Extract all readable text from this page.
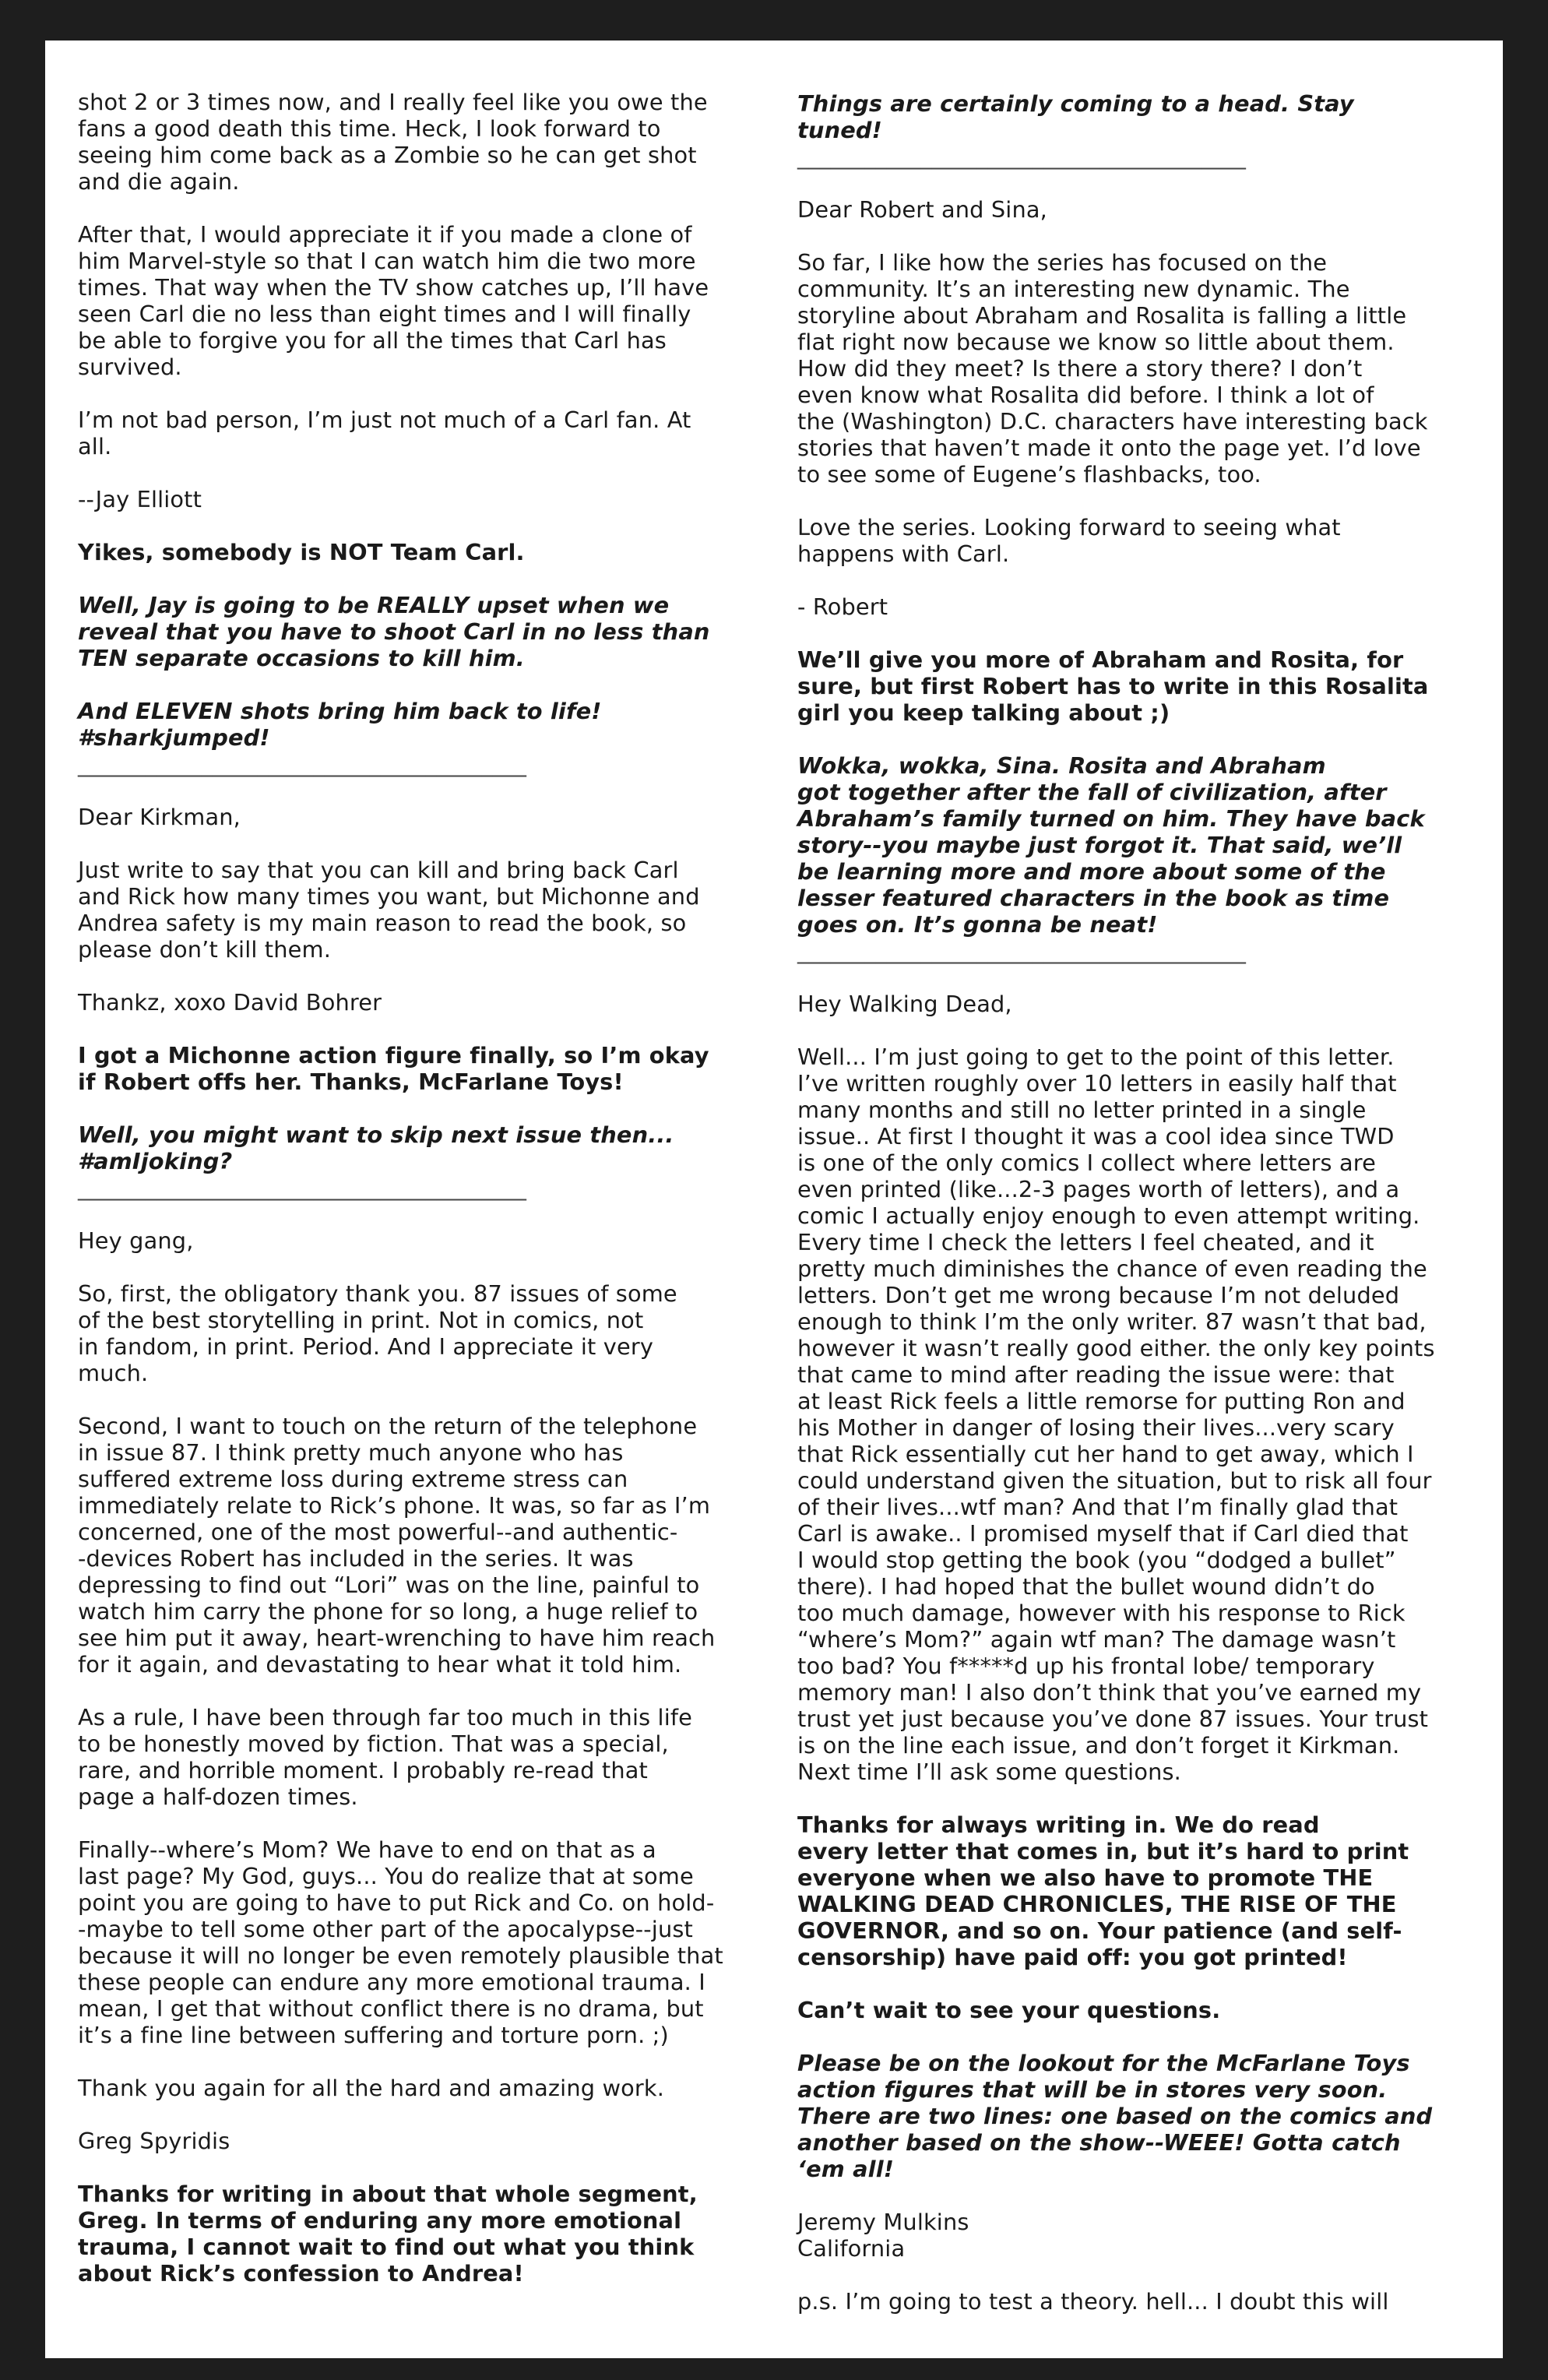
shot 2 or 3 times now, and I really feel like you owe the
fans a good death this time. Heck, I look forward to
seeing him come back as a Zombie so he can get shot
and die again.

After that, I would appreciate it if you made a clone of
him Marvel-style so that I can watch him die two more
times. That way when the TV show catches up, I’ll have
seen Carl die no less than eight times and I will finally
be able to forgive you for all the times that Carl has
survived.

I’m not bad person, I’m just not much of a Carl fan. At
all.

--Jay Elliott

Yikes, somebody is NOT Team Carl.

Well, Jay is going to be REALLY upset when we
reveal that you have to shoot Carl in no less than
TEN separate occasions to kill him.

And ELEVEN shots bring him back to life!
#sharkjumped!

________________________________________

Dear Kirkman,

Just write to say that you can kill and bring back Carl
and Rick how many times you want, but Michonne and
Andrea safety is my main reason to read the book, so
please don’t kill them.

Thankz, xoxo David Bohrer

I got a Michonne action figure finally, so I’m okay
if Robert offs her. Thanks, McFarlane Toys!

Well, you might want to skip next issue then...
#amIjoking?

________________________________________

Hey gang,

So, first, the obligatory thank you. 87 issues of some
of the best storytelling in print. Not in comics, not
in fandom, in print. Period. And I appreciate it very
much.

Second, I want to touch on the return of the telephone
in issue 87. I think pretty much anyone who has
suffered extreme loss during extreme stress can
immediately relate to Rick’s phone. It was, so far as I’m
concerned, one of the most powerful--and authentic-
-devices Robert has included in the series. It was
depressing to find out “Lori” was on the line, painful to
watch him carry the phone for so long, a huge relief to
see him put it away, heart-wrenching to have him reach
for it again, and devastating to hear what it told him.

As a rule, I have been through far too much in this life
to be honestly moved by fiction. That was a special,
rare, and horrible moment. I probably re-read that
page a half-dozen times.

Finally--where’s Mom? We have to end on that as a
last page? My God, guys... You do realize that at some
point you are going to have to put Rick and Co. on hold-
-maybe to tell some other part of the apocalypse--just
because it will no longer be even remotely plausible that
these people can endure any more emotional trauma. I
mean, I get that without conflict there is no drama, but
it’s a fine line between suffering and torture porn. ;)

Thank you again for all the hard and amazing work.

Greg Spyridis

Thanks for writing in about that whole segment,
Greg. In terms of enduring any more emotional
trauma, I cannot wait to find out what you think
about Rick’s confession to Andrea!

Things are certainly coming to a head. Stay
tuned!

________________________________________

Dear Robert and Sina,

So far, I like how the series has focused on the
community. It’s an interesting new dynamic. The
storyline about Abraham and Rosalita is falling a little
flat right now because we know so little about them.
How did they meet? Is there a story there? I don’t
even know what Rosalita did before. I think a lot of
the (Washington) D.C. characters have interesting back
stories that haven’t made it onto the page yet. I’d love
to see some of Eugene’s flashbacks, too.

Love the series. Looking forward to seeing what
happens with Carl.

- Robert

We’ll give you more of Abraham and Rosita, for
sure, but first Robert has to write in this Rosalita
girl you keep talking about ;)

Wokka, wokka, Sina. Rosita and Abraham
got together after the fall of civilization, after
Abraham’s family turned on him. They have back
story--you maybe just forgot it. That said, we’ll
be learning more and more about some of the
lesser featured characters in the book as time
goes on. It’s gonna be neat!

________________________________________

Hey Walking Dead,

Well... I’m just going to get to the point of this letter.
I’ve written roughly over 10 letters in easily half that
many months and still no letter printed in a single
issue.. At first I thought it was a cool idea since TWD
is one of the only comics I collect where letters are
even printed (like...2-3 pages worth of letters), and a
comic I actually enjoy enough to even attempt writing.
Every time I check the letters I feel cheated, and it
pretty much diminishes the chance of even reading the
letters. Don’t get me wrong because I’m not deluded
enough to think I’m the only writer. 87 wasn’t that bad,
however it wasn’t really good either. the only key points
that came to mind after reading the issue were: that
at least Rick feels a little remorse for putting Ron and
his Mother in danger of losing their lives...very scary
that Rick essentially cut her hand to get away, which I
could understand given the situation, but to risk all four
of their lives...wtf man? And that I’m finally glad that
Carl is awake.. I promised myself that if Carl died that
I would stop getting the book (you “dodged a bullet”
there). I had hoped that the bullet wound didn’t do
too much damage, however with his response to Rick
“where’s Mom?” again wtf man? The damage wasn’t
too bad? You f*****d up his frontal lobe/ temporary
memory man! I also don’t think that you’ve earned my
trust yet just because you’ve done 87 issues. Your trust
is on the line each issue, and don’t forget it Kirkman.
Next time I’ll ask some questions.

Thanks for always writing in. We do read
every letter that comes in, but it’s hard to print
everyone when we also have to promote THE
WALKING DEAD CHRONICLES, THE RISE OF THE
GOVERNOR, and so on. Your patience (and self-
censorship) have paid off: you got printed!

Can’t wait to see your questions.

Please be on the lookout for the McFarlane Toys
action figures that will be in stores very soon.
There are two lines: one based on the comics and
another based on the show--WEEE! Gotta catch
‘em all!

Jeremy Mulkins
California

p.s. I’m going to test a theory. hell... I doubt this will
